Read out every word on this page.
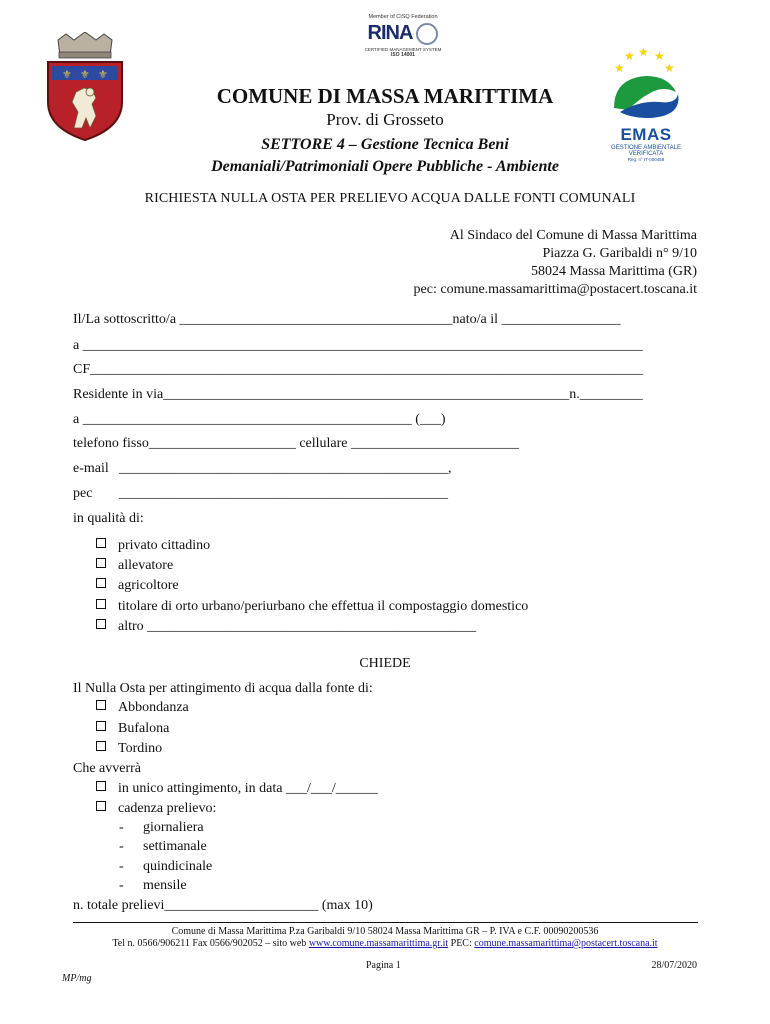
⚜ ⚜ ⚜
Member of CISQ Federation
RINA
CERTIFIED MANAGEMENT SYSTEM
ISO 14001	★ ★ ★
★	★
EMAS
GESTIONE AMBIENTALE
VERIFICATA
Reg. n° IT-000458
COMUNE DI MASSA MARITTIMA
Prov. di Grosseto
SETTORE 4 – Gestione Tecnica Beni
Demaniali/Patrimoniali Opere Pubbliche - Ambiente
RICHIESTA NULLA OSTA PER PRELIEVO ACQUA DALLE FONTI COMUNALI
Al Sindaco del Comune di Massa Marittima
Piazza G. Garibaldi n° 9/10
58024 Massa Marittima (GR)
pec: comune.massamarittima@postacert.toscana.it
Il/La sottoscritto/a _______________________________________nato/a il _________________
a ________________________________________________________________________________
CF_______________________________________________________________________________
Residente in via__________________________________________________________n._________
a _______________________________________________ (___)
telefono fisso_____________________ cellulare ________________________
e-mail _______________________________________________,
pec _______________________________________________
in qualità di:
privato cittadino
allevatore
agricoltore
titolare di orto urbano/periurbano che effettua il compostaggio domestico
altro _______________________________________________
CHIEDE
Il Nulla Osta per attingimento di acqua dalla fonte di:
Abbondanza
Bufalona
Tordino
Che avverrà
in unico attingimento, in data ___/___/______
cadenza prelievo:
- giornaliera
- settimanale
- quindicinale
- mensile
n. totale prelievi______________________ (max 10)
Comune di Massa Marittima P.za Garibaldi 9/10 58024 Massa Marittima GR – P. IVA e C.F. 00090200536
Tel n. 0566/906211 Fax 0566/902052 – sito web www.comune.massamarittima.gr.it PEC: comune.massamarittima@postacert.toscana.it
Pagina 1	28/07/2020
MP/mg
